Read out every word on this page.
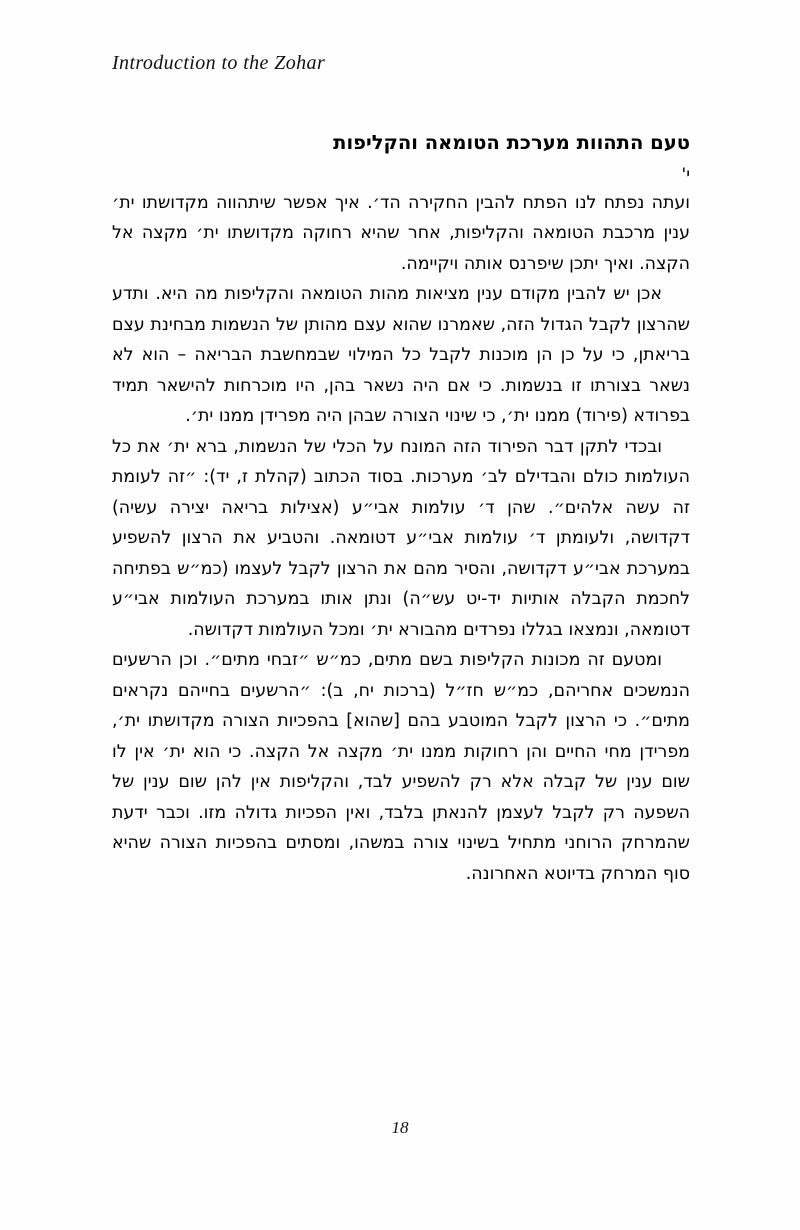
Introduction to the Zohar
טעם התהוות מערכת הטומאה והקליפות
י'

ועתה נפתח לנו הפתח להבין החקירה הד׳. איך אפשר שיתהווה מקדושתו ית׳ ענין מרכבת הטומאה והקליפות, אחר שהיא רחוקה מקדושתו ית׳ מקצה אל הקצה. ואיך יתכן שיפרנס אותה ויקיימה.

אכן יש להבין מקודם ענין מציאות מהות הטומאה והקליפות מה היא. ותדע שהרצון לקבל הגדול הזה, שאמרנו שהוא עצם מהותן של הנשמות מבחינת עצם בריאתן, כי על כן הן מוכנות לקבל כל המילוי שבמחשבת הבריאה – הוא לא נשאר בצורתו זו בנשמות. כי אם היה נשאר בהן, היו מוכרחות להישאר תמיד בפרודא (פירוד) ממנו ית׳, כי שינוי הצורה שבהן היה מפרידן ממנו ית׳.

ובכדי לתקן דבר הפירוד הזה המונח על הכלי של הנשמות, ברא ית׳ את כל העולמות כולם והבדילם לב׳ מערכות. בסוד הכתוב (קהלת ז, יד): ״זה לעומת זה עשה אלהים״. שהן ד׳ עולמות אבי״ע (אצילות בריאה יצירה עשיה) דקדושה, ולעומתן ד׳ עולמות אבי״ע דטומאה. והטביע את הרצון להשפיע במערכת אבי״ע דקדושה, והסיר מהם את הרצון לקבל לעצמו (כמ״ש בפתיחה לחכמת הקבלה אותיות יד-יט עש״ה) ונתן אותו במערכת העולמות אבי״ע דטומאה, ונמצאו בגללו נפרדים מהבורא ית׳ ומכל העולמות דקדושה.

ומטעם זה מכונות הקליפות בשם מתים, כמ״ש ״זבחי מתים״. וכן הרשעים הנמשכים אחריהם, כמ״ש חז״ל (ברכות יח, ב): ״הרשעים בחייהם נקראים מתים״. כי הרצון לקבל המוטבע בהם [שהוא] בהפכיות הצורה מקדושתו ית׳, מפרידן מחי החיים והן רחוקות ממנו ית׳ מקצה אל הקצה. כי הוא ית׳ אין לו שום ענין של קבלה אלא רק להשפיע לבד, והקליפות אין להן שום ענין של השפעה רק לקבל לעצמן להנאתן בלבד, ואין הפכיות גדולה מזו. וכבר ידעת שהמרחק הרוחני מתחיל בשינוי צורה במשהו, ומסתים בהפכיות הצורה שהיא סוף המרחק בדיוטא האחרונה.

18
